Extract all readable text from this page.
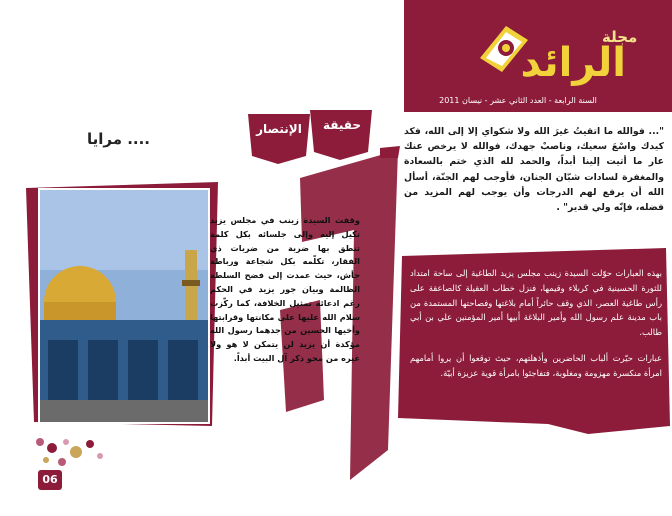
مجلة
الرائد
السنة الرابعة - العدد الثاني عشر - نيسان 2011
"... فوالله ما اتقيتُ غيرَ الله ولا شكواي إلا إلى الله، فكد كيدك واسْعَ سعيك، وناصبْ جهدك، فوالله لا يرخص عنك عار ما أتيت إلينا أبداً، والحمد لله الذي ختم بالسعادة والمغفرة لسادات شبّان الجنان، فأوجب لهم الجنّة، أسأل الله أن يرفع لهم الدرجات وأن يوجب لهم المزيد من فضله، فإنّه ولي قدير" .
حقيقة
الإنتصار
مرايا ....
وقفت السيدة زينب في مجلس يزيد تكيل إليه وإلى جلسائه بكل كلمة تنطق بها ضربة من ضربات ذي الفقار، تكلّمه بكل شجاعة ورباطة جأش، حيث عمدت إلى فضح السلطة الظالمة وبيان جور يزيد في الحكم رغم ادعائه تمثيل الخلافة، كما ركّزت سلام الله عليها على مكانتها وقرابتها وأخيها الحسين من جدهما رسول الله مؤكدة أن يزيد لن يتمكن لا هو ولا غيره من محو ذكر آل البيت أبداً.

بهذه العبارات حوّلت السيدة زينب مجلس يزيد الطاغية إلى ساحة امتداد للثورة الحسينية في كربلاء وقيمها، فنزل خطاب العقيلة كالصاعقة على رأس طاغية العصر، الذي وقف حائراً أمام بلاغتها وفصاحتها المستمدة من باب مدينة علم رسول الله وأمير البلاغة أبيها أمير المؤمنين علي بن أبي طالب.

عبارات حيّرت ألباب الحاضرين وأذهلتهم، حيث توقعوا أن يروا أمامهم امرأة منكسرة مهزومة ومغلوبة، فتفاجئوا بامرأة قوية عزيزة أبيّة.

06
